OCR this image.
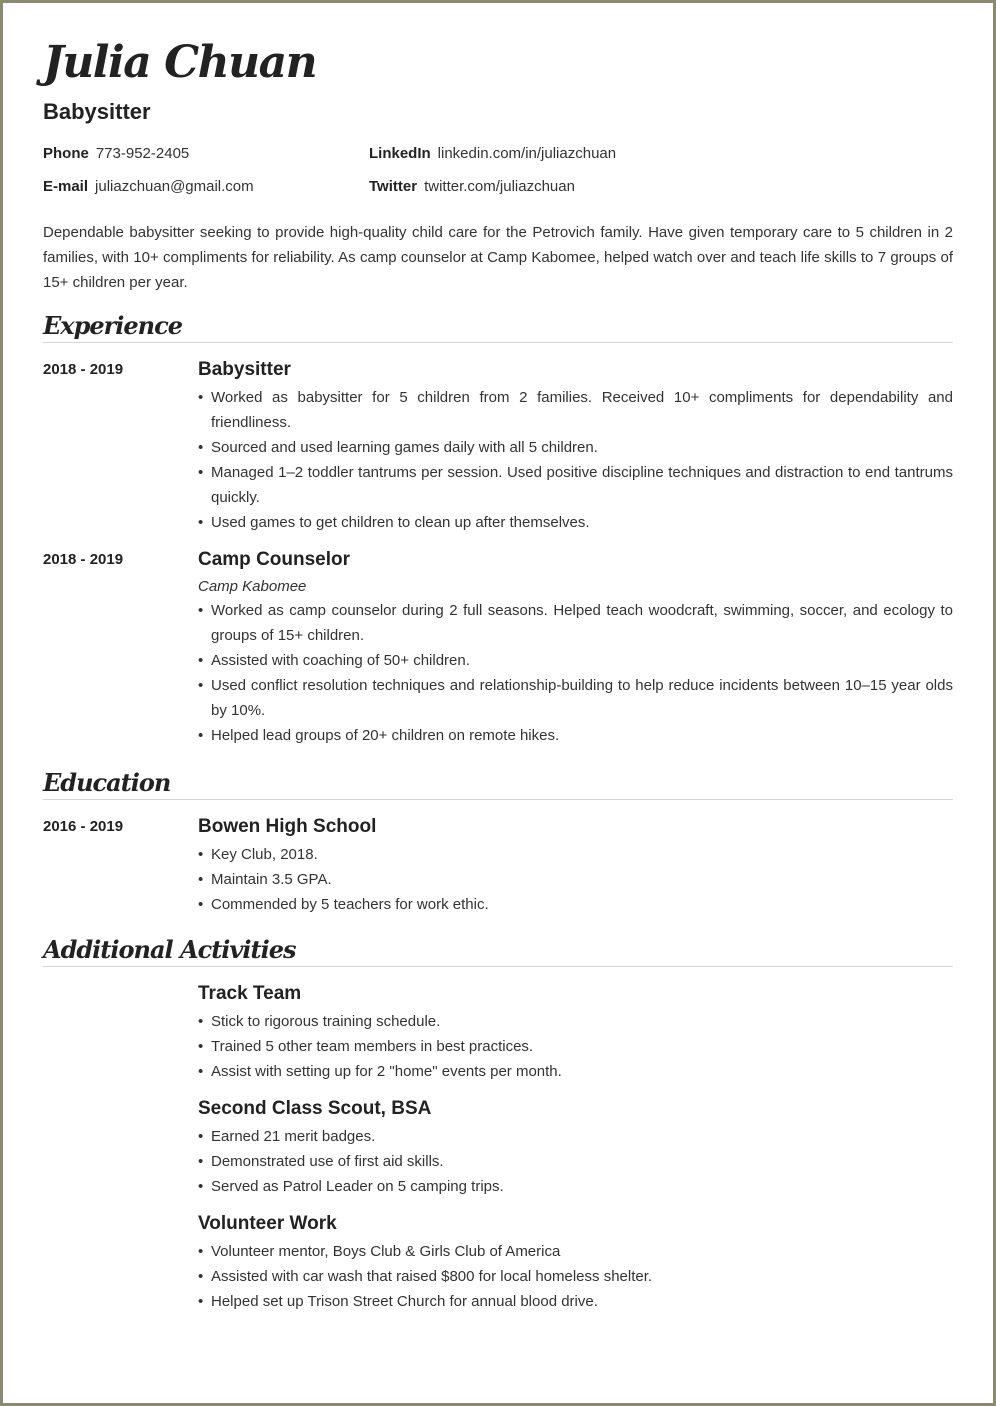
Julia Chuan
Babysitter
Phone 773-952-2405	LinkedIn linkedin.com/in/juliazchuan
E-mail juliazchuan@gmail.com	Twitter twitter.com/juliazchuan

Dependable babysitter seeking to provide high-quality child care for the Petrovich family. Have given temporary care to 5 children in 2 families, with 10+ compliments for reliability. As camp counselor at Camp Kabomee, helped watch over and teach life skills to 7 groups of 15+ children per year.

Experience
2018 - 2019	Babysitter
• Worked as babysitter for 5 children from 2 families. Received 10+ compliments for dependability and friendliness.
• Sourced and used learning games daily with all 5 children.
• Managed 1–2 toddler tantrums per session. Used positive discipline techniques and distraction to end tantrums quickly.
• Used games to get children to clean up after themselves.
2018 - 2019	Camp Counselor
Camp Kabomee
• Worked as camp counselor during 2 full seasons. Helped teach woodcraft, swimming, soccer, and ecology to groups of 15+ children.
• Assisted with coaching of 50+ children.
• Used conflict resolution techniques and relationship-building to help reduce incidents between 10–15 year olds by 10%.
• Helped lead groups of 20+ children on remote hikes.
Education
2016 - 2019	Bowen High School
• Key Club, 2018.
• Maintain 3.5 GPA.
• Commended by 5 teachers for work ethic.
Additional Activities
Track Team
• Stick to rigorous training schedule.
• Trained 5 other team members in best practices.
• Assist with setting up for 2 "home" events per month.
Second Class Scout, BSA
• Earned 21 merit badges.
• Demonstrated use of first aid skills.
• Served as Patrol Leader on 5 camping trips.
Volunteer Work
• Volunteer mentor, Boys Club & Girls Club of America
• Assisted with car wash that raised $800 for local homeless shelter.
• Helped set up Trison Street Church for annual blood drive.
